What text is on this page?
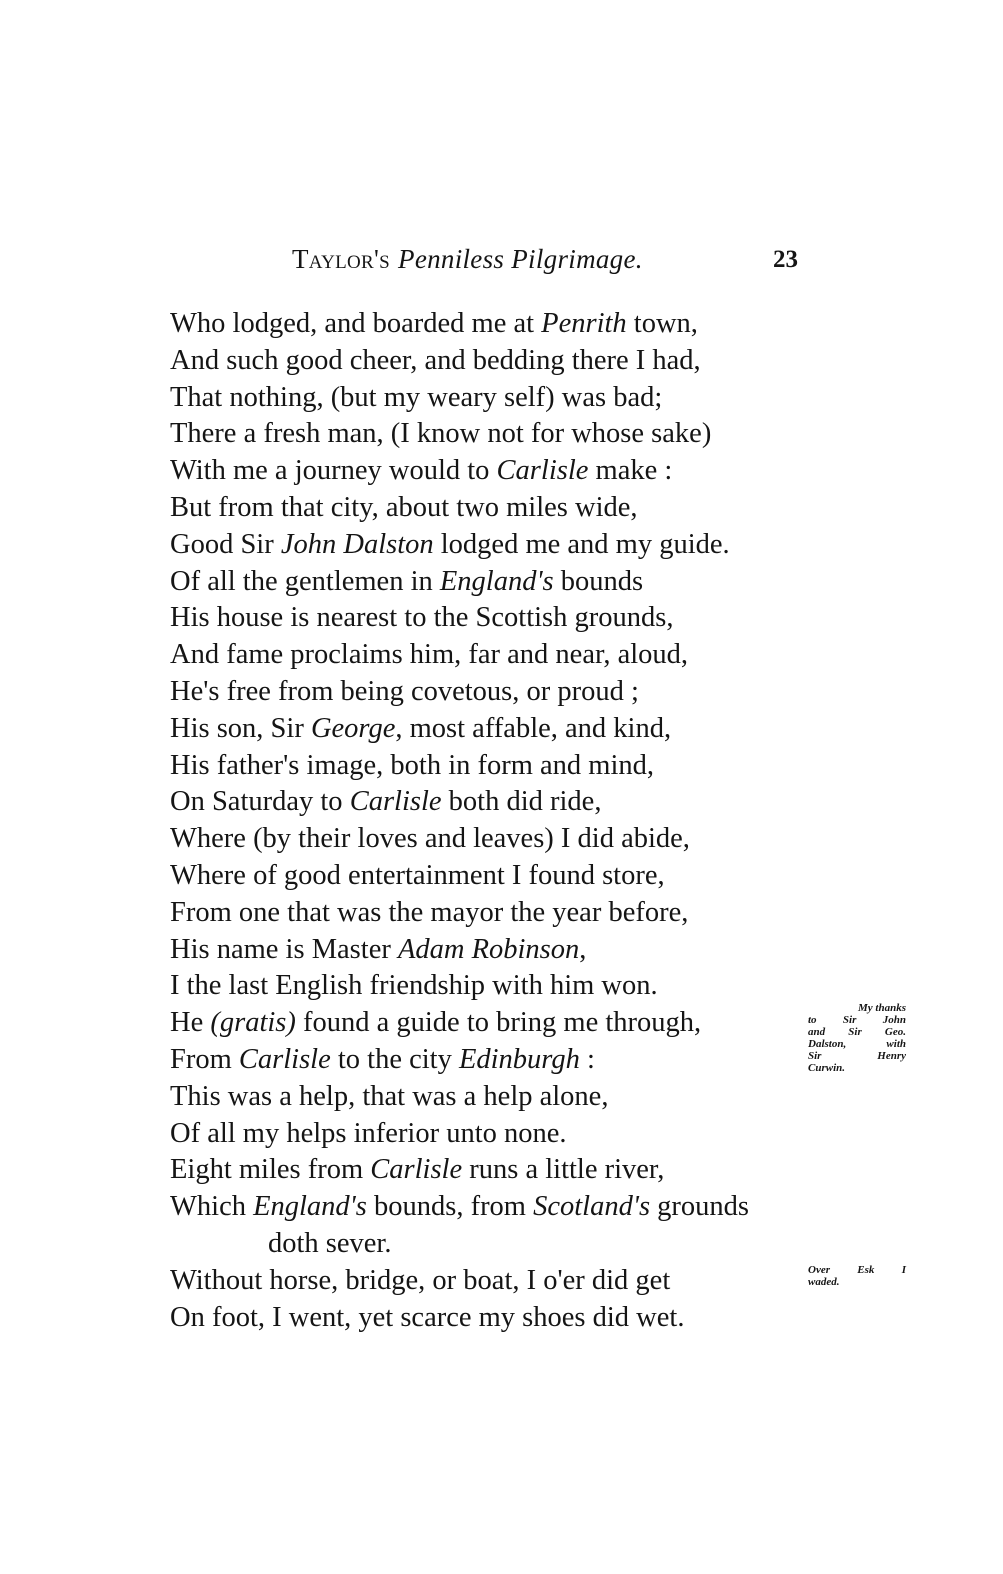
Taylor's Penniless Pilgrimage.	23
Who lodged, and boarded me at Penrith town,
And such good cheer, and bedding there I had,
That nothing, (but my weary self) was bad;
There a fresh man, (I know not for whose sake)
With me a journey would to Carlisle make :
But from that city, about two miles wide,
Good Sir John Dalston lodged me and my guide.
Of all the gentlemen in England's bounds
His house is nearest to the Scottish grounds,
And fame proclaims him, far and near, aloud,
He's free from being covetous, or proud ;
His son, Sir George, most affable, and kind,
His father's image, both in form and mind,
On Saturday to Carlisle both did ride,
Where (by their loves and leaves) I did abide,
Where of good entertainment I found store,
From one that was the mayor the year before,
His name is Master Adam Robinson,
I the last English friendship with him won.
He (gratis) found a guide to bring me through,
From Carlisle to the city Edinburgh :
This was a help, that was a help alone,
Of all my helps inferior unto none.
Eight miles from Carlisle runs a little river,
Which England's bounds, from Scotland's grounds
doth sever.
Without horse, bridge, or boat, I o'er did get
On foot, I went, yet scarce my shoes did wet.
My thanks
to Sir John
and Sir Geo.
Dalston, with
Sir Henry
Curwin.
Over Esk I
waded.
